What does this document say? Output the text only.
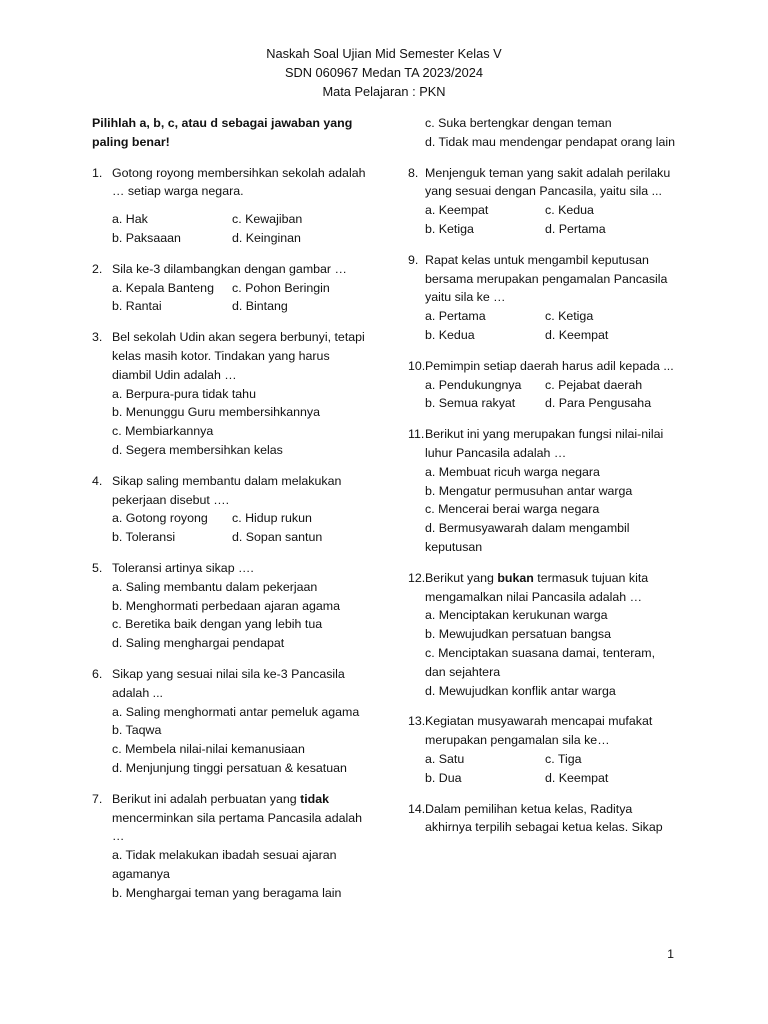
Naskah Soal Ujian Mid Semester Kelas V
SDN 060967 Medan TA 2023/2024
Mata Pelajaran : PKN
Pilihlah a, b, c, atau d sebagai jawaban yang paling benar!
1. Gotong royong membersihkan sekolah adalah … setiap warga negara.
a. Hak	c. Kewajiban
b. Paksaaan	d. Keinginan
2. Sila ke-3 dilambangkan dengan gambar …
a. Kepala Banteng	c. Pohon Beringin
b. Rantai	d. Bintang
3. Bel sekolah Udin akan segera berbunyi, tetapi kelas masih kotor. Tindakan yang harus diambil Udin adalah …
a. Berpura-pura tidak tahu
b. Menunggu Guru membersihkannya
c. Membiarkannya
d. Segera membersihkan kelas
4. Sikap saling membantu dalam melakukan pekerjaan disebut ….
a. Gotong royong	c. Hidup rukun
b. Toleransi	d. Sopan santun
5. Toleransi artinya sikap ….
a. Saling membantu dalam pekerjaan
b. Menghormati perbedaan ajaran agama
c. Beretika baik dengan yang lebih tua
d. Saling menghargai pendapat
6. Sikap yang sesuai nilai sila ke-3 Pancasila adalah ...
a. Saling menghormati antar pemeluk agama
b. Taqwa
c. Membela nilai-nilai kemanusiaan
d. Menjunjung tinggi persatuan & kesatuan
7. Berikut ini adalah perbuatan yang tidak mencerminkan sila pertama Pancasila adalah …
a. Tidak melakukan ibadah sesuai ajaran agamanya
b. Menghargai teman yang beragama lain
c. Suka bertengkar dengan teman
d. Tidak mau mendengar pendapat orang lain
8. Menjenguk teman yang sakit adalah perilaku yang sesuai dengan Pancasila, yaitu sila ...
a. Keempat	c. Kedua
b. Ketiga	d. Pertama
9. Rapat kelas untuk mengambil keputusan bersama merupakan pengamalan Pancasila yaitu sila ke …
a. Pertama	c. Ketiga
b. Kedua	d. Keempat
10. Pemimpin setiap daerah harus adil kepada ...
a. Pendukungnya	c. Pejabat daerah
b. Semua rakyat	d. Para Pengusaha
11. Berikut ini yang merupakan fungsi nilai-nilai luhur Pancasila adalah …
a. Membuat ricuh warga negara
b. Mengatur permusuhan antar warga
c. Mencerai berai warga negara
d. Bermusyawarah dalam mengambil keputusan
12. Berikut yang bukan termasuk tujuan kita mengamalkan nilai Pancasila adalah …
a. Menciptakan kerukunan warga
b. Mewujudkan persatuan bangsa
c. Menciptakan suasana damai, tenteram, dan sejahtera
d. Mewujudkan konflik antar warga
13. Kegiatan musyawarah mencapai mufakat merupakan pengamalan sila ke…
a. Satu	c. Tiga
b. Dua	d. Keempat
14. Dalam pemilihan ketua kelas, Raditya akhirnya terpilih sebagai ketua kelas. Sikap
1
